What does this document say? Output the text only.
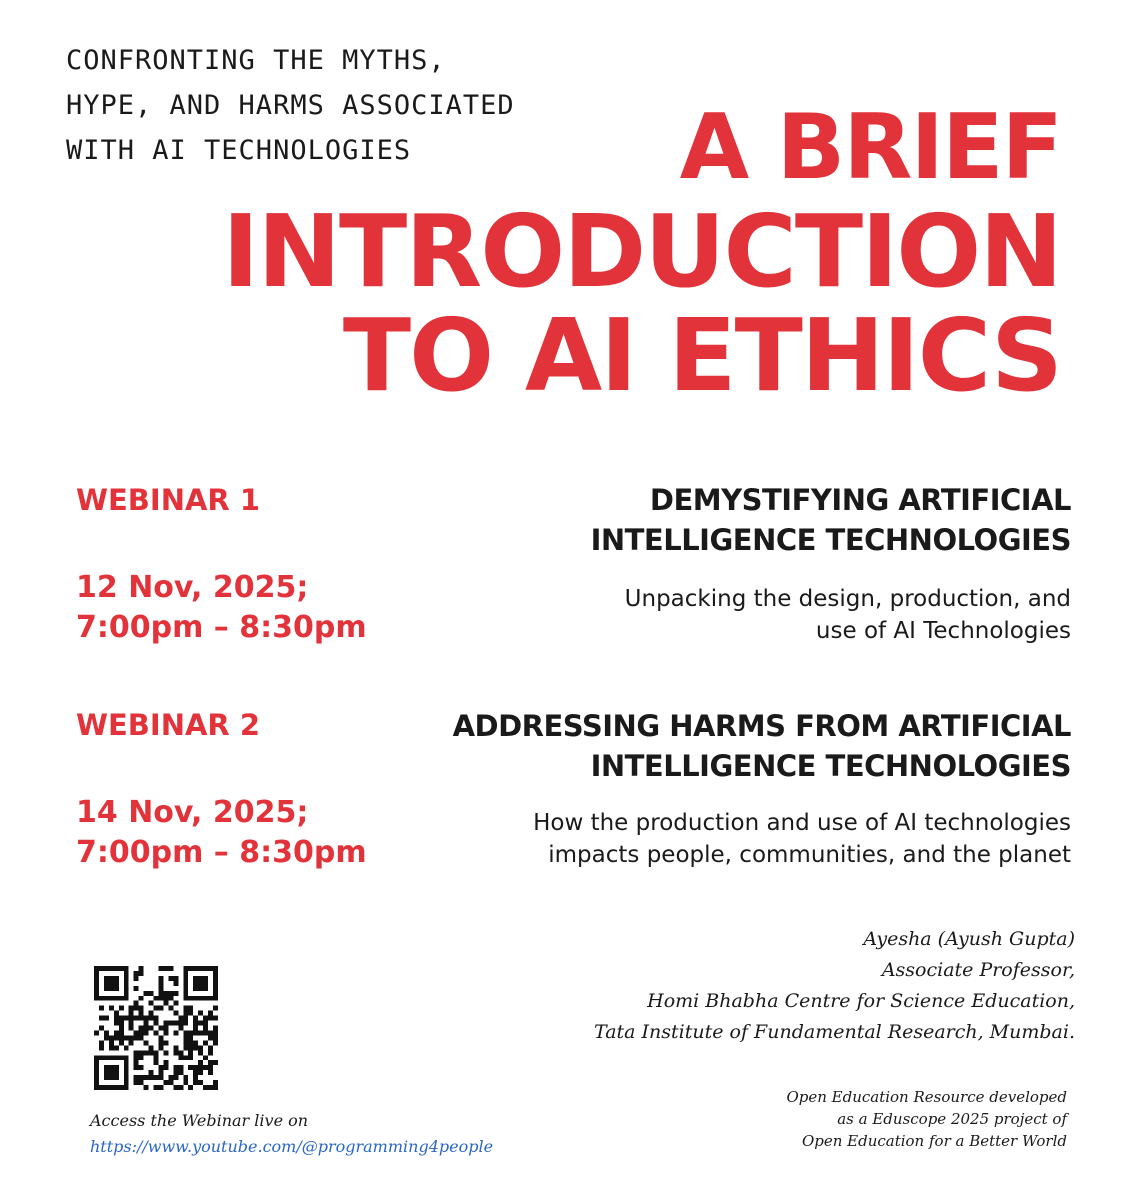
CONFRONTING THE MYTHS,
HYPE, AND HARMS ASSOCIATED
WITH AI TECHNOLOGIES	A BRIEF
INTRODUCTION
TO AI ETHICS
WEBINAR 1
12 Nov, 2025;
7:00pm – 8:30pm
DEMYSTIFYING ARTIFICIAL
INTELLIGENCE TECHNOLOGIES
Unpacking the design, production, and
use of AI Technologies
WEBINAR 2
14 Nov, 2025;
7:00pm – 8:30pm
ADDRESSING HARMS FROM ARTIFICIAL
INTELLIGENCE TECHNOLOGIES
How the production and use of AI technologies
impacts people, communities, and the planet
Ayesha (Ayush Gupta)
Associate Professor,
Homi Bhabha Centre for Science Education,
Tata Institute of Fundamental Research, Mumbai.
Access the Webinar live on
https://www.youtube.com/@programming4people
Open Education Resource developed
as a Eduscope 2025 project of
Open Education for a Better World
